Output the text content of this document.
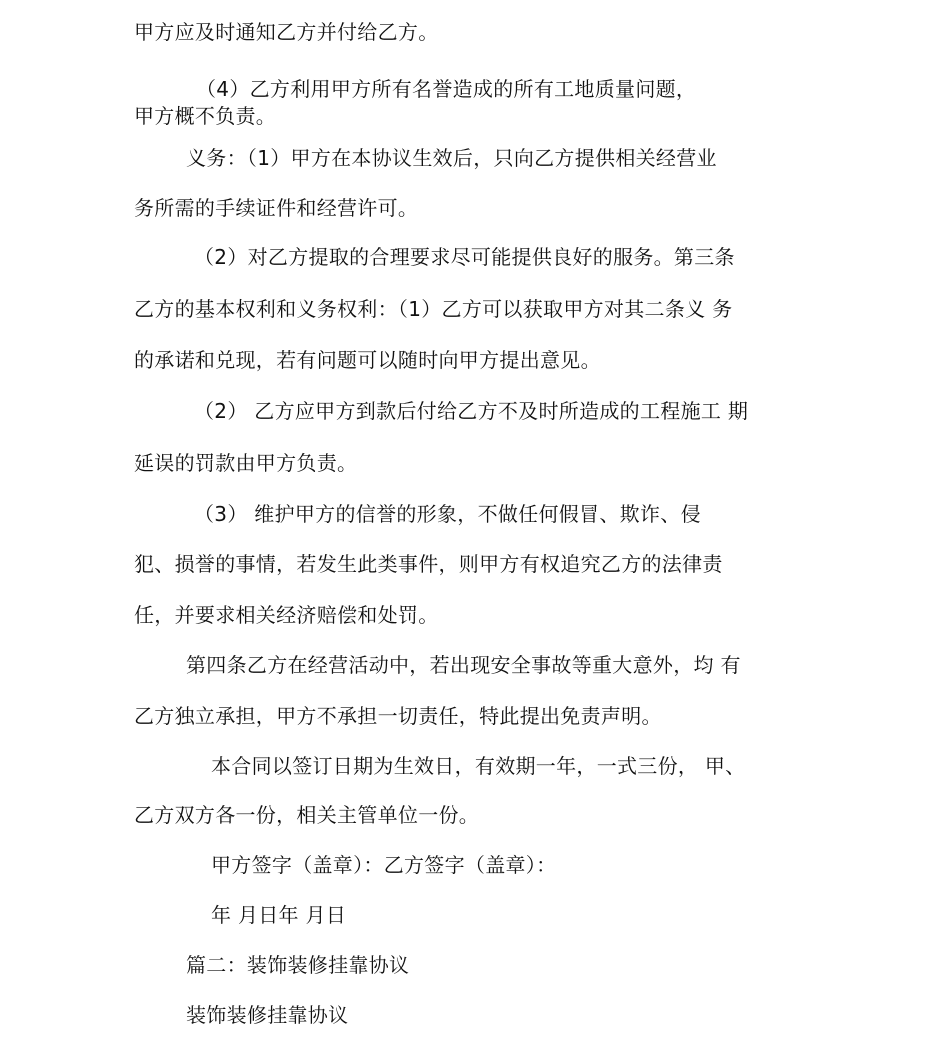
甲方应及时通知乙方并付给乙方。
（4）乙方利用甲方所有名誉造成的所有工地质量问题，
甲方概不负责。
义务：（1）甲方在本协议生效后，只向乙方提供相关经营业
务所需的手续证件和经营许可。
（2）对乙方提取的合理要求尽可能提供良好的服务。第三条
乙方的基本权利和义务权利：（1）乙方可以获取甲方对其二条义 务
的承诺和兑现，若有问题可以随时向甲方提出意见。
（2） 乙方应甲方到款后付给乙方不及时所造成的工程施工 期
延误的罚款由甲方负责。
（3） 维护甲方的信誉的形象，不做任何假冒、欺诈、侵
犯、损誉的事情，若发生此类事件，则甲方有权追究乙方的法律责
任，并要求相关经济赔偿和处罚。
第四条乙方在经营活动中，若出现安全事故等重大意外，均 有
乙方独立承担，甲方不承担一切责任，特此提出免责声明。
本合同以签订日期为生效日，有效期一年，一式三份， 甲、
乙方双方各一份，相关主管单位一份。
甲方签字（盖章）：乙方签字（盖章）：
年 月日年 月日
篇二：装饰装修挂靠协议
装饰装修挂靠协议
